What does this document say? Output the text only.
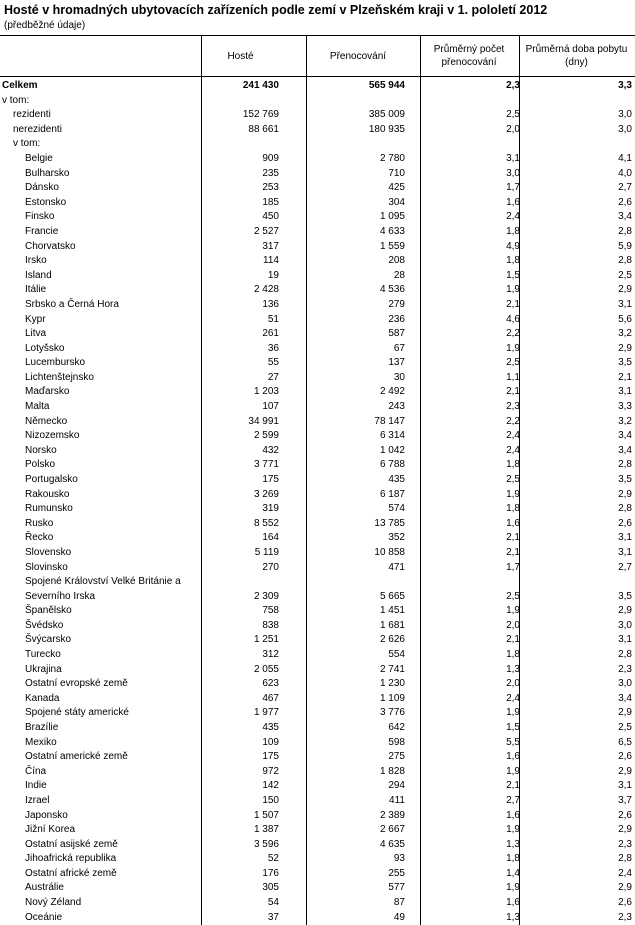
Hosté v hromadných ubytovacích zařízeních podle zemí v Plzeňském kraji v 1. pololetí 2012
(předběžné údaje)
Hosté	Přenocování
Průměrný počet přenocování
Průměrná doba pobytu (dny)
Celkem	241 430	565 944	2,3	3,3
v tom:
rezidenti	152 769	385 009	2,5	3,0
nerezidenti	88 661	180 935	2,0	3,0
v tom:
Belgie	909	2 780	3,1	4,1
Bulharsko	235	710	3,0	4,0
Dánsko	253	425	1,7	2,7
Estonsko	185	304	1,6	2,6
Finsko	450	1 095	2,4	3,4
Francie	2 527	4 633	1,8	2,8
Chorvatsko	317	1 559	4,9	5,9
Irsko	114	208	1,8	2,8
Island	19	28	1,5	2,5
Itálie	2 428	4 536	1,9	2,9
Srbsko a Černá Hora	136	279	2,1	3,1
Kypr	51	236	4,6	5,6
Litva	261	587	2,2	3,2
Lotyšsko	36	67	1,9	2,9
Lucembursko	55	137	2,5	3,5
Lichtenštejnsko	27	30	1,1	2,1
Maďarsko	1 203	2 492	2,1	3,1
Malta	107	243	2,3	3,3
Německo	34 991	78 147	2,2	3,2
Nizozemsko	2 599	6 314	2,4	3,4
Norsko	432	1 042	2,4	3,4
Polsko	3 771	6 788	1,8	2,8
Portugalsko	175	435	2,5	3,5
Rakousko	3 269	6 187	1,9	2,9
Rumunsko	319	574	1,8	2,8
Rusko	8 552	13 785	1,6	2,6
Řecko	164	352	2,1	3,1
Slovensko	5 119	10 858	2,1	3,1
Slovinsko	270	471	1,7	2,7
Spojené Království Velké Británie a Severního Irska	2 309	5 665	2,5	3,5
Španělsko	758	1 451	1,9	2,9
Švédsko	838	1 681	2,0	3,0
Švýcarsko	1 251	2 626	2,1	3,1
Turecko	312	554	1,8	2,8
Ukrajina	2 055	2 741	1,3	2,3
Ostatní evropské země	623	1 230	2,0	3,0
Kanada	467	1 109	2,4	3,4
Spojené státy americké	1 977	3 776	1,9	2,9
Brazílie	435	642	1,5	2,5
Mexiko	109	598	5,5	6,5
Ostatní americké země	175	275	1,6	2,6
Čína	972	1 828	1,9	2,9
Indie	142	294	2,1	3,1
Izrael	150	411	2,7	3,7
Japonsko	1 507	2 389	1,6	2,6
Jižní Korea	1 387	2 667	1,9	2,9
Ostatní asijské země	3 596	4 635	1,3	2,3
Jihoafrická republika	52	93	1,8	2,8
Ostatní africké země	176	255	1,4	2,4
Austrálie	305	577	1,9	2,9
Nový Zéland	54	87	1,6	2,6
Oceánie	37	49	1,3	2,3
